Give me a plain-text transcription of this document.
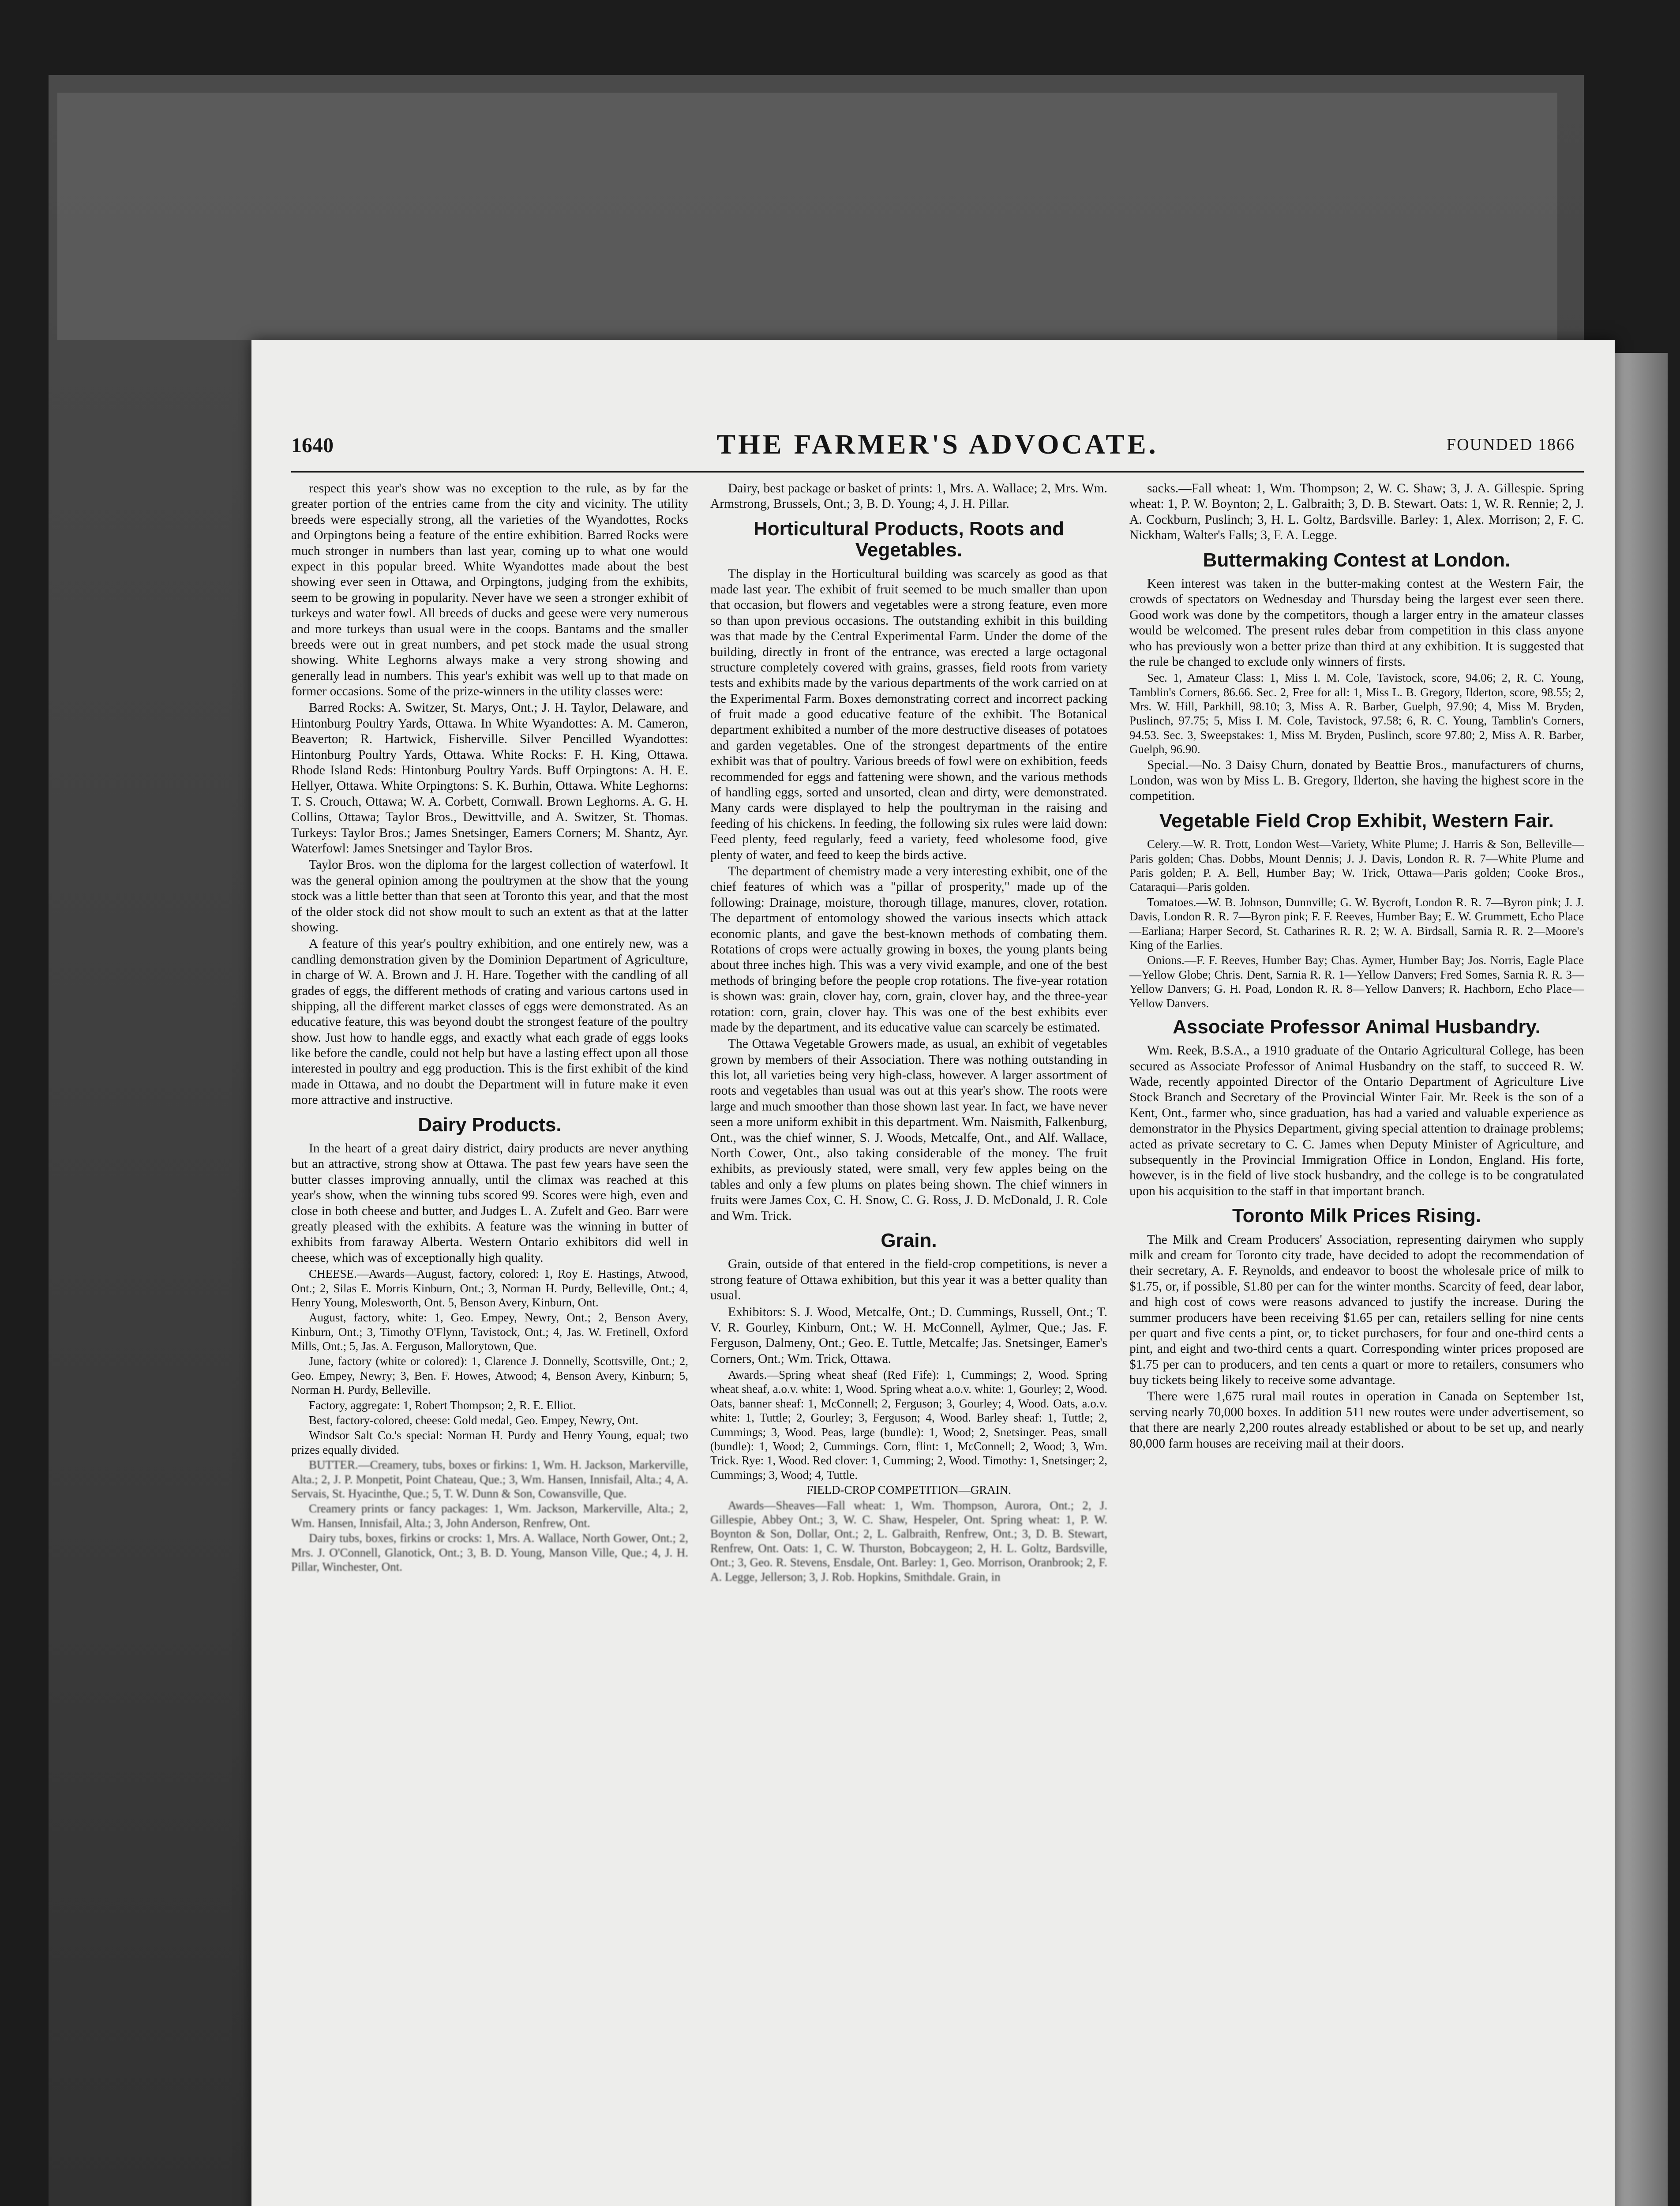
1640	THE FARMER'S ADVOCATE.	FOUNDED 1866

respect this year's show was no exception to the rule, as by far the greater portion of the entries came from the city and vicinity. The utility breeds were especially strong, all the varieties of the Wyandottes, Rocks and Orpingtons being a feature of the entire exhibition. Barred Rocks were much stronger in numbers than last year, coming up to what one would expect in this popular breed. White Wyandottes made about the best showing ever seen in Ottawa, and Orpingtons, judging from the exhibits, seem to be growing in popularity. Never have we seen a stronger exhibit of turkeys and water fowl. All breeds of ducks and geese were very numerous and more turkeys than usual were in the coops. Bantams and the smaller breeds were out in great numbers, and pet stock made the usual strong showing. White Leghorns always make a very strong showing and generally lead in numbers. This year's exhibit was well up to that made on former occasions. Some of the prize-winners in the utility classes were:

Barred Rocks: A. Switzer, St. Marys, Ont.; J. H. Taylor, Delaware, and Hintonburg Poultry Yards, Ottawa. In White Wyandottes: A. M. Cameron, Beaverton; R. Hartwick, Fisherville. Silver Pencilled Wyandottes: Hintonburg Poultry Yards, Ottawa. White Rocks: F. H. King, Ottawa. Rhode Island Reds: Hintonburg Poultry Yards. Buff Orpingtons: A. H. E. Hellyer, Ottawa. White Orpingtons: S. K. Burhin, Ottawa. White Leghorns: T. S. Crouch, Ottawa; W. A. Corbett, Cornwall. Brown Leghorns. A. G. H. Collins, Ottawa; Taylor Bros., Dewittville, and A. Switzer, St. Thomas. Turkeys: Taylor Bros.; James Snetsinger, Eamers Corners; M. Shantz, Ayr. Waterfowl: James Snetsinger and Taylor Bros.

Taylor Bros. won the diploma for the largest collection of waterfowl. It was the general opinion among the poultrymen at the show that the young stock was a little better than that seen at Toronto this year, and that the most of the older stock did not show moult to such an extent as that at the latter showing.

A feature of this year's poultry exhibition, and one entirely new, was a candling demonstration given by the Dominion Department of Agriculture, in charge of W. A. Brown and J. H. Hare. Together with the candling of all grades of eggs, the different methods of crating and various cartons used in shipping, all the different market classes of eggs were demonstrated. As an educative feature, this was beyond doubt the strongest feature of the poultry show. Just how to handle eggs, and exactly what each grade of eggs looks like before the candle, could not help but have a lasting effect upon all those interested in poultry and egg production. This is the first exhibit of the kind made in Ottawa, and no doubt the Department will in future make it even more attractive and instructive.

Dairy Products.

In the heart of a great dairy district, dairy products are never anything but an attractive, strong show at Ottawa. The past few years have seen the butter classes improving annually, until the climax was reached at this year's show, when the winning tubs scored 99. Scores were high, even and close in both cheese and butter, and Judges L. A. Zufelt and Geo. Barr were greatly pleased with the exhibits. A feature was the winning in butter of exhibits from faraway Alberta. Western Ontario exhibitors did well in cheese, which was of exceptionally high quality.

CHEESE.—Awards—August, factory, colored: 1, Roy E. Hastings, Atwood, Ont.; 2, Silas E. Morris Kinburn, Ont.; 3, Norman H. Purdy, Belleville, Ont.; 4, Henry Young, Molesworth, Ont. 5, Benson Avery, Kinburn, Ont.

August, factory, white: 1, Geo. Empey, Newry, Ont.; 2, Benson Avery, Kinburn, Ont.; 3, Timothy O'Flynn, Tavistock, Ont.; 4, Jas. W. Fretinell, Oxford Mills, Ont.; 5, Jas. A. Ferguson, Mallorytown, Que.

June, factory (white or colored): 1, Clarence J. Donnelly, Scottsville, Ont.; 2, Geo. Empey, Newry; 3, Ben. F. Howes, Atwood; 4, Benson Avery, Kinburn; 5, Norman H. Purdy, Belleville.

Factory, aggregate: 1, Robert Thompson; 2, R. E. Elliot.

Best, factory-colored, cheese: Gold medal, Geo. Empey, Newry, Ont.

Windsor Salt Co.'s special: Norman H. Purdy and Henry Young, equal; two prizes equally divided.

BUTTER.—Creamery, tubs, boxes or firkins: 1, Wm. H. Jackson, Markerville, Alta.; 2, J. P. Monpetit, Point Chateau, Que.; 3, Wm. Hansen, Innisfail, Alta.; 4, A. Servais, St. Hyacinthe, Que.; 5, T. W. Dunn & Son, Cowansville, Que.

Creamery prints or fancy packages: 1, Wm. Jackson, Markerville, Alta.; 2, Wm. Hansen, Innisfail, Alta.; 3, John Anderson, Renfrew, Ont.

Dairy tubs, boxes, firkins or crocks: 1, Mrs. A. Wallace, North Gower, Ont.; 2, Mrs. J. O'Connell, Glanotick, Ont.; 3, B. D. Young, Manson Ville, Que.; 4, J. H. Pillar, Winchester, Ont.

Dairy, best package or basket of prints: 1, Mrs. A. Wallace; 2, Mrs. Wm. Armstrong, Brussels, Ont.; 3, B. D. Young; 4, J. H. Pillar.

Horticultural Products, Roots and Vegetables.

The display in the Horticultural building was scarcely as good as that made last year. The exhibit of fruit seemed to be much smaller than upon that occasion, but flowers and vegetables were a strong feature, even more so than upon previous occasions. The outstanding exhibit in this building was that made by the Central Experimental Farm. Under the dome of the building, directly in front of the entrance, was erected a large octagonal structure completely covered with grains, grasses, field roots from variety tests and exhibits made by the various departments of the work carried on at the Experimental Farm. Boxes demonstrating correct and incorrect packing of fruit made a good educative feature of the exhibit. The Botanical department exhibited a number of the more destructive diseases of potatoes and garden vegetables. One of the strongest departments of the entire exhibit was that of poultry. Various breeds of fowl were on exhibition, feeds recommended for eggs and fattening were shown, and the various methods of handling eggs, sorted and unsorted, clean and dirty, were demonstrated. Many cards were displayed to help the poultryman in the raising and feeding of his chickens. In feeding, the following six rules were laid down: Feed plenty, feed regularly, feed a variety, feed wholesome food, give plenty of water, and feed to keep the birds active.

The department of chemistry made a very interesting exhibit, one of the chief features of which was a "pillar of prosperity," made up of the following: Drainage, moisture, thorough tillage, manures, clover, rotation. The department of entomology showed the various insects which attack economic plants, and gave the best-known methods of combating them. Rotations of crops were actually growing in boxes, the young plants being about three inches high. This was a very vivid example, and one of the best methods of bringing before the people crop rotations. The five-year rotation is shown was: grain, clover hay, corn, grain, clover hay, and the three-year rotation: corn, grain, clover hay. This was one of the best exhibits ever made by the department, and its educative value can scarcely be estimated.

The Ottawa Vegetable Growers made, as usual, an exhibit of vegetables grown by members of their Association. There was nothing outstanding in this lot, all varieties being very high-class, however. A larger assortment of roots and vegetables than usual was out at this year's show. The roots were large and much smoother than those shown last year. In fact, we have never seen a more uniform exhibit in this department. Wm. Naismith, Falkenburg, Ont., was the chief winner, S. J. Woods, Metcalfe, Ont., and Alf. Wallace, North Cower, Ont., also taking considerable of the money. The fruit exhibits, as previously stated, were small, very few apples being on the tables and only a few plums on plates being shown. The chief winners in fruits were James Cox, C. H. Snow, C. G. Ross, J. D. McDonald, J. R. Cole and Wm. Trick.

Grain.

Grain, outside of that entered in the field-crop competitions, is never a strong feature of Ottawa exhibition, but this year it was a better quality than usual.

Exhibitors: S. J. Wood, Metcalfe, Ont.; D. Cummings, Russell, Ont.; T. V. R. Gourley, Kinburn, Ont.; W. H. McConnell, Aylmer, Que.; Jas. F. Ferguson, Dalmeny, Ont.; Geo. E. Tuttle, Metcalfe; Jas. Snetsinger, Eamer's Corners, Ont.; Wm. Trick, Ottawa.

Awards.—Spring wheat sheaf (Red Fife): 1, Cummings; 2, Wood. Spring wheat sheaf, a.o.v. white: 1, Wood. Spring wheat a.o.v. white: 1, Gourley; 2, Wood. Oats, banner sheaf: 1, McConnell; 2, Ferguson; 3, Gourley; 4, Wood. Oats, a.o.v. white: 1, Tuttle; 2, Gourley; 3, Ferguson; 4, Wood. Barley sheaf: 1, Tuttle; 2, Cummings; 3, Wood. Peas, large (bundle): 1, Wood; 2, Snetsinger. Peas, small (bundle): 1, Wood; 2, Cummings. Corn, flint: 1, McConnell; 2, Wood; 3, Wm. Trick. Rye: 1, Wood. Red clover: 1, Cumming; 2, Wood. Timothy: 1, Snetsinger; 2, Cummings; 3, Wood; 4, Tuttle.

FIELD-CROP COMPETITION—GRAIN.

Awards—Sheaves—Fall wheat: 1, Wm. Thompson, Aurora, Ont.; 2, J. Gillespie, Abbey Ont.; 3, W. C. Shaw, Hespeler, Ont. Spring wheat: 1, P. W. Boynton & Son, Dollar, Ont.; 2, L. Galbraith, Renfrew, Ont.; 3, D. B. Stewart, Renfrew, Ont. Oats: 1, C. W. Thurston, Bobcaygeon; 2, H. L. Goltz, Bardsville, Ont.; 3, Geo. R. Stevens, Ensdale, Ont. Barley: 1, Geo. Morrison, Oranbrook; 2, F. A. Legge, Jellerson; 3, J. Rob. Hopkins, Smithdale. Grain, in

sacks.—Fall wheat: 1, Wm. Thompson; 2, W. C. Shaw; 3, J. A. Gillespie. Spring wheat: 1, P. W. Boynton; 2, L. Galbraith; 3, D. B. Stewart. Oats: 1, W. R. Rennie; 2, J. A. Cockburn, Puslinch; 3, H. L. Goltz, Bardsville. Barley: 1, Alex. Morrison; 2, F. C. Nickham, Walter's Falls; 3, F. A. Legge.

Buttermaking Contest at London.

Keen interest was taken in the butter-making contest at the Western Fair, the crowds of spectators on Wednesday and Thursday being the largest ever seen there. Good work was done by the competitors, though a larger entry in the amateur classes would be welcomed. The present rules debar from competition in this class anyone who has previously won a better prize than third at any exhibition. It is suggested that the rule be changed to exclude only winners of firsts.

Sec. 1, Amateur Class: 1, Miss I. M. Cole, Tavistock, score, 94.06; 2, R. C. Young, Tamblin's Corners, 86.66. Sec. 2, Free for all: 1, Miss L. B. Gregory, Ilderton, score, 98.55; 2, Mrs. W. Hill, Parkhill, 98.10; 3, Miss A. R. Barber, Guelph, 97.90; 4, Miss M. Bryden, Puslinch, 97.75; 5, Miss I. M. Cole, Tavistock, 97.58; 6, R. C. Young, Tamblin's Corners, 94.53. Sec. 3, Sweepstakes: 1, Miss M. Bryden, Puslinch, score 97.80; 2, Miss A. R. Barber, Guelph, 96.90.

Special.—No. 3 Daisy Churn, donated by Beattie Bros., manufacturers of churns, London, was won by Miss L. B. Gregory, Ilderton, she having the highest score in the competition.

Vegetable Field Crop Exhibit, Western Fair.

Celery.—W. R. Trott, London West—Variety, White Plume; J. Harris & Son, Belleville—Paris golden; Chas. Dobbs, Mount Dennis; J. J. Davis, London R. R. 7—White Plume and Paris golden; P. A. Bell, Humber Bay; W. Trick, Ottawa—Paris golden; Cooke Bros., Cataraqui—Paris golden.

Tomatoes.—W. B. Johnson, Dunnville; G. W. Bycroft, London R. R. 7—Byron pink; J. J. Davis, London R. R. 7—Byron pink; F. F. Reeves, Humber Bay; E. W. Grummett, Echo Place—Earliana; Harper Secord, St. Catharines R. R. 2; W. A. Birdsall, Sarnia R. R. 2—Moore's King of the Earlies.

Onions.—F. F. Reeves, Humber Bay; Chas. Aymer, Humber Bay; Jos. Norris, Eagle Place—Yellow Globe; Chris. Dent, Sarnia R. R. 1—Yellow Danvers; Fred Somes, Sarnia R. R. 3—Yellow Danvers; G. H. Poad, London R. R. 8—Yellow Danvers; R. Hachborn, Echo Place—Yellow Danvers.

Associate Professor Animal Husbandry.

Wm. Reek, B.S.A., a 1910 graduate of the Ontario Agricultural College, has been secured as Associate Professor of Animal Husbandry on the staff, to succeed R. W. Wade, recently appointed Director of the Ontario Department of Agriculture Live Stock Branch and Secretary of the Provincial Winter Fair. Mr. Reek is the son of a Kent, Ont., farmer who, since graduation, has had a varied and valuable experience as demonstrator in the Physics Department, giving special attention to drainage problems; acted as private secretary to C. C. James when Deputy Minister of Agriculture, and subsequently in the Provincial Immigration Office in London, England. His forte, however, is in the field of live stock husbandry, and the college is to be congratulated upon his acquisition to the staff in that important branch.

Toronto Milk Prices Rising.

The Milk and Cream Producers' Association, representing dairymen who supply milk and cream for Toronto city trade, have decided to adopt the recommendation of their secretary, A. F. Reynolds, and endeavor to boost the wholesale price of milk to $1.75, or, if possible, $1.80 per can for the winter months. Scarcity of feed, dear labor, and high cost of cows were reasons advanced to justify the increase. During the summer producers have been receiving $1.65 per can, retailers selling for nine cents per quart and five cents a pint, or, to ticket purchasers, for four and one-third cents a pint, and eight and two-third cents a quart. Corresponding winter prices proposed are $1.75 per can to producers, and ten cents a quart or more to retailers, consumers who buy tickets being likely to receive some advantage.

There were 1,675 rural mail routes in operation in Canada on September 1st, serving nearly 70,000 boxes. In addition 511 new routes were under advertisement, so that there are nearly 2,200 routes already established or about to be set up, and nearly 80,000 farm houses are receiving mail at their doors.
